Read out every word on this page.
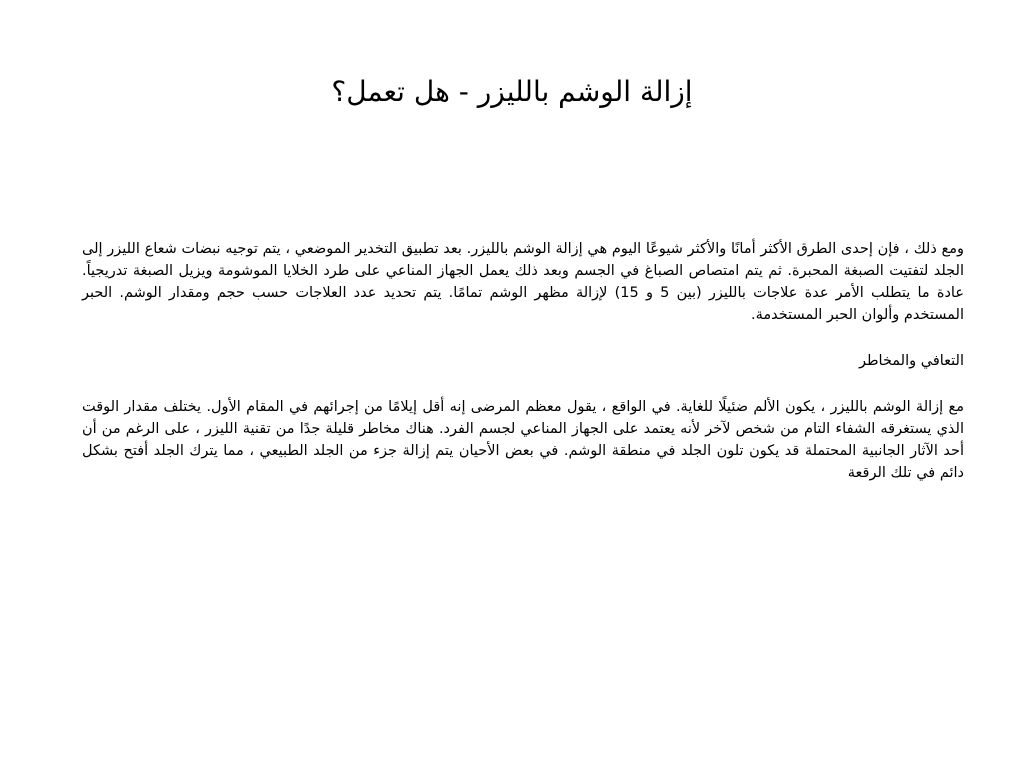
إزالة الوشم بالليزر - هل تعمل؟

ومع ذلك ، فإن إحدى الطرق الأكثر أمانًا والأكثر شيوعًا اليوم هي إزالة الوشم بالليزر. بعد تطبيق التخدير الموضعي ، يتم توجيه نبضات شعاع الليزر إلى الجلد لتفتيت الصبغة المحبرة. ثم يتم امتصاص الصباغ في الجسم وبعد ذلك يعمل الجهاز المناعي على طرد الخلايا الموشومة ويزيل الصبغة تدريجياً. عادة ما يتطلب الأمر عدة علاجات بالليزر (بين 5 و 15) لإزالة مظهر الوشم تمامًا. يتم تحديد عدد العلاجات حسب حجم ومقدار الوشم. الحبر المستخدم وألوان الحبر المستخدمة.

التعافي والمخاطر

مع إزالة الوشم بالليزر ، يكون الألم ضئيلًا للغاية. في الواقع ، يقول معظم المرضى إنه أقل إيلامًا من إجرائهم في المقام الأول. يختلف مقدار الوقت الذي يستغرقه الشفاء التام من شخص لآخر لأنه يعتمد على الجهاز المناعي لجسم الفرد. هناك مخاطر قليلة جدًا من تقنية الليزر ، على الرغم من أن أحد الآثار الجانبية المحتملة قد يكون تلون الجلد في منطقة الوشم. في بعض الأحيان يتم إزالة جزء من الجلد الطبيعي ، مما يترك الجلد أفتح بشكل دائم في تلك الرقعة
